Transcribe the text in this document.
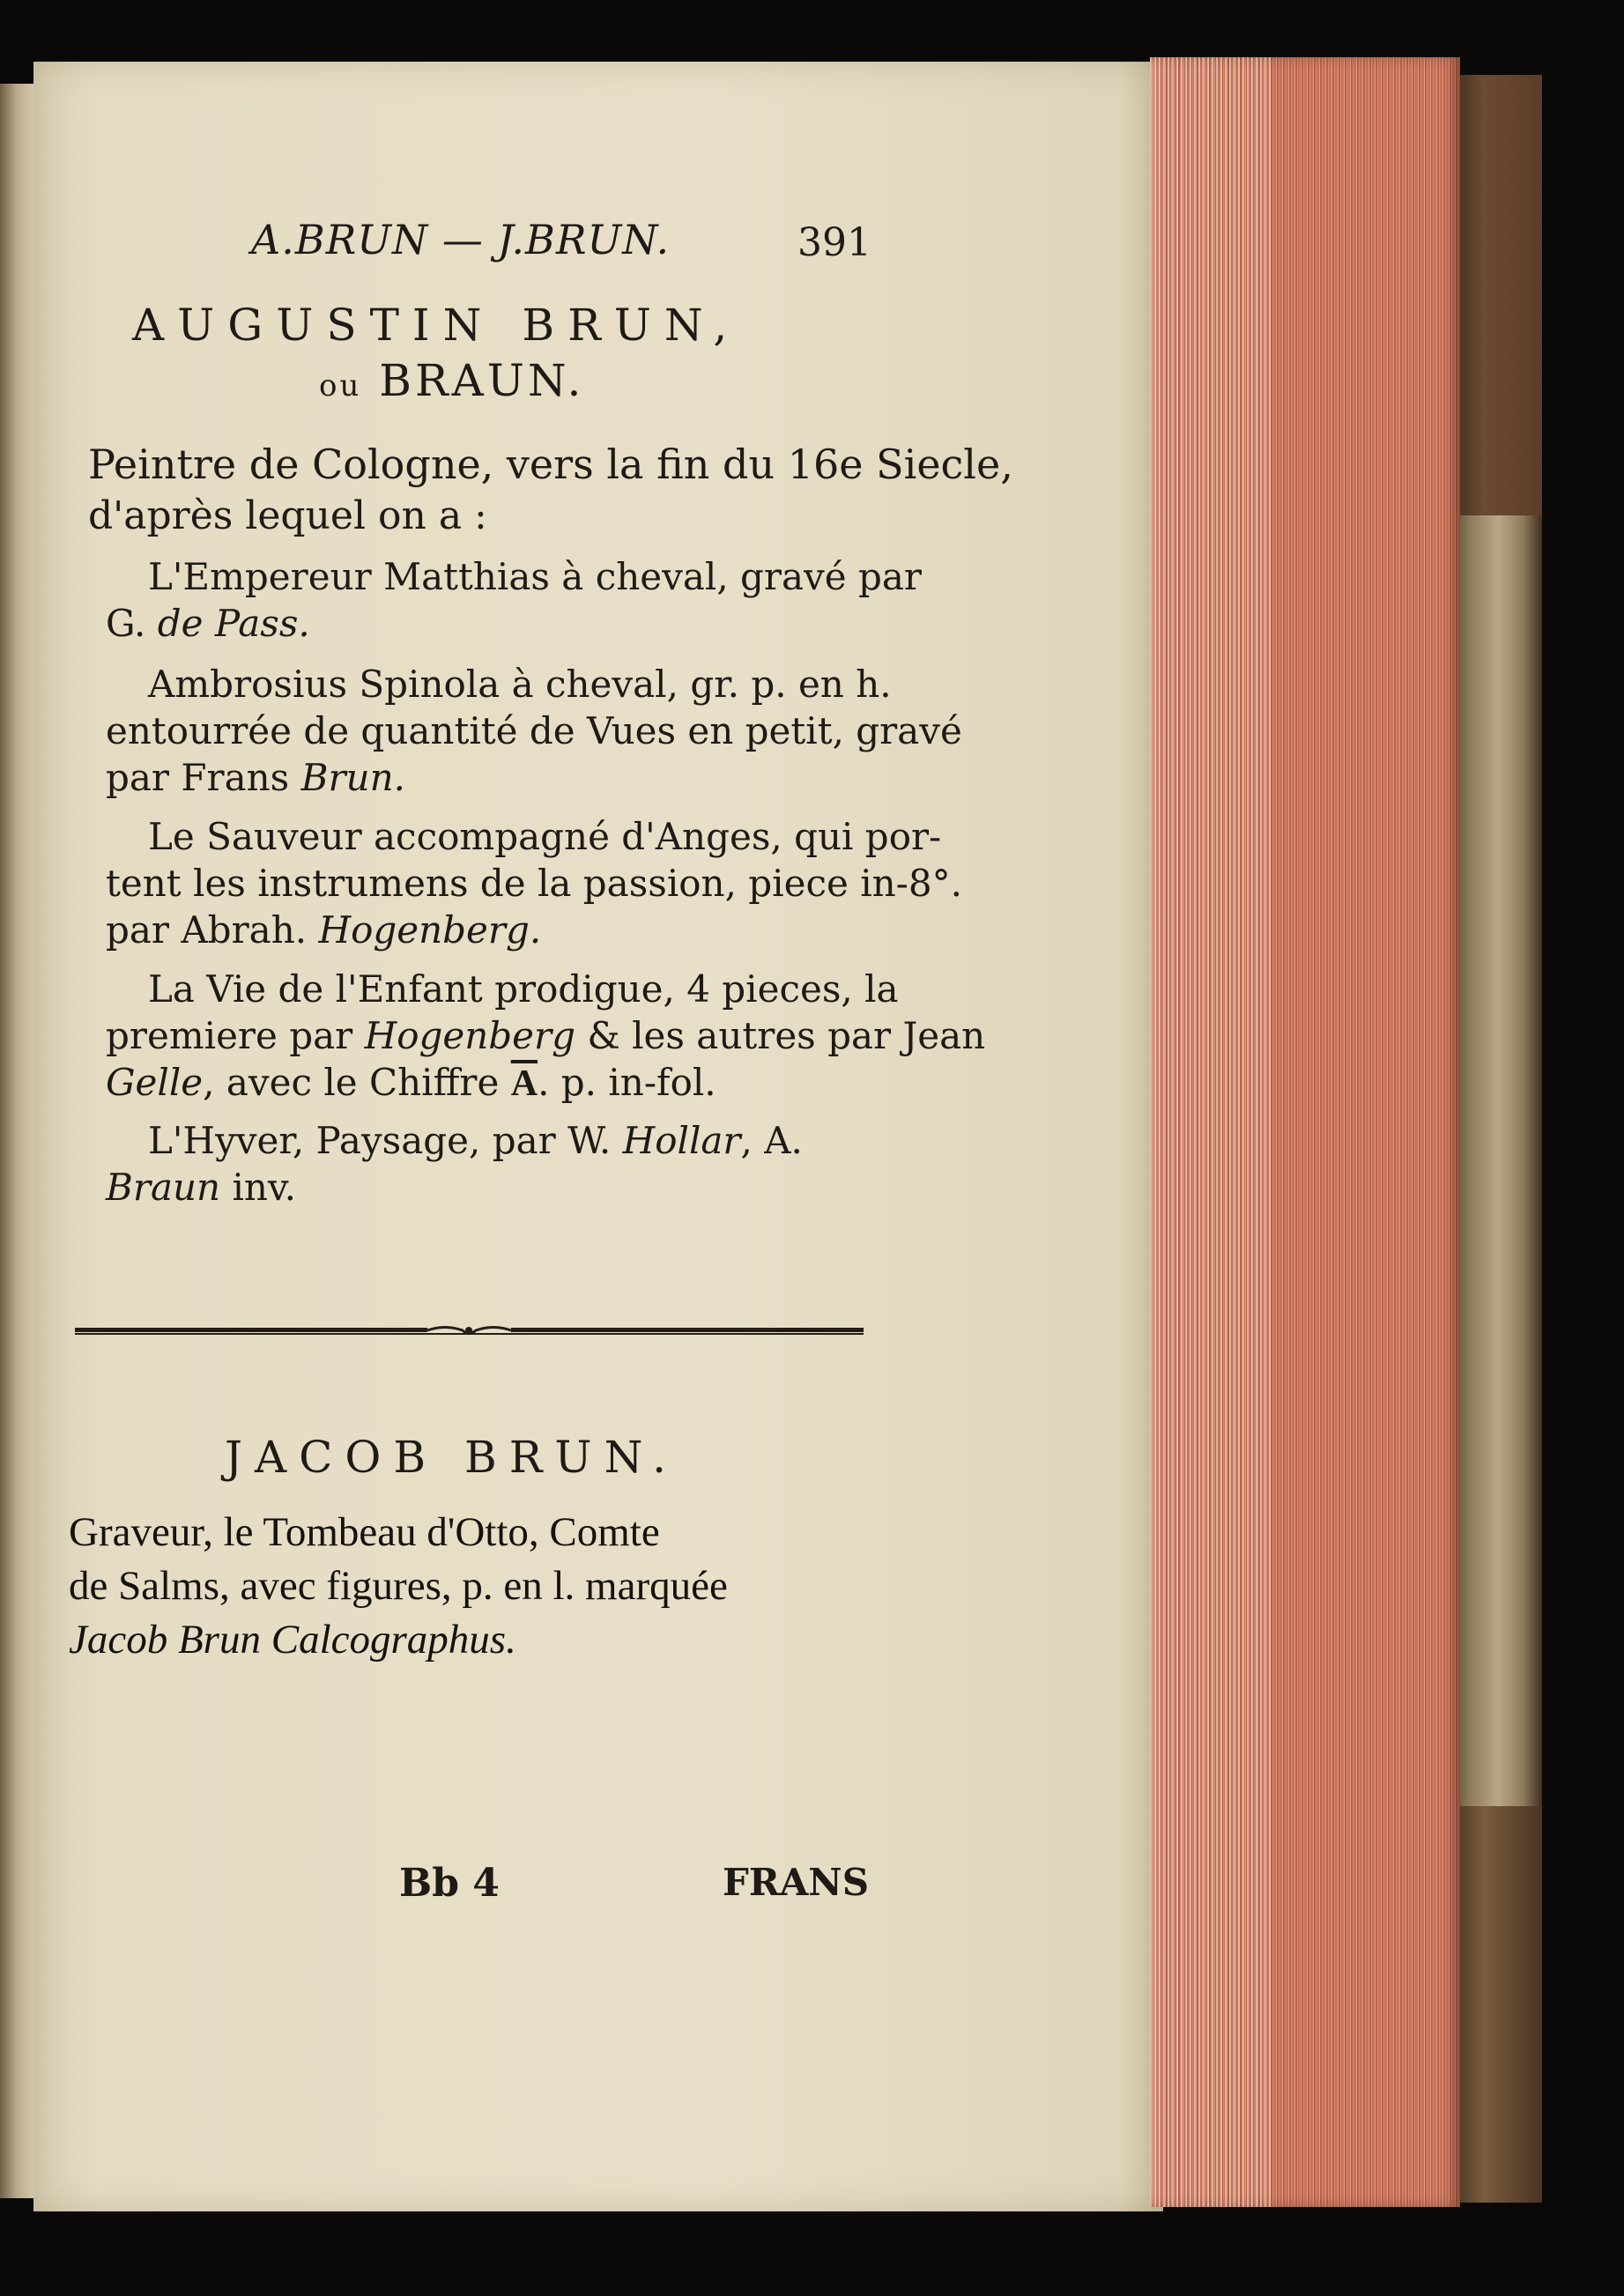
A.BRUN — J.BRUN.	391
AUGUSTIN BRUN,
ou BRAUN.
Peintre de Cologne, vers la fin du 16e Siecle,
d'après lequel on a :
L'Empereur Matthias à cheval, gravé par
G. de Pass.
Ambrosius Spinola à cheval, gr. p. en h.
entourrée de quantité de Vues en petit, gravé
par Frans Brun.
Le Sauveur accompagné d'Anges, qui por-
tent les instrumens de la passion, piece in-8°.
par Abrah. Hogenberg.
La Vie de l'Enfant prodigue, 4 pieces, la
premiere par Hogenberg & les autres par Jean
Gelle, avec le Chiffre $\overline{A}$. p. in-fol.
L'Hyver, Paysage, par W. Hollar, A.
Braun inv.
JACOB BRUN.
Graveur, le Tombeau d'Otto, Comte
de Salms, avec figures, p. en l. marquée
Jacob Brun Calcographus.
Bb 4	FRANS
